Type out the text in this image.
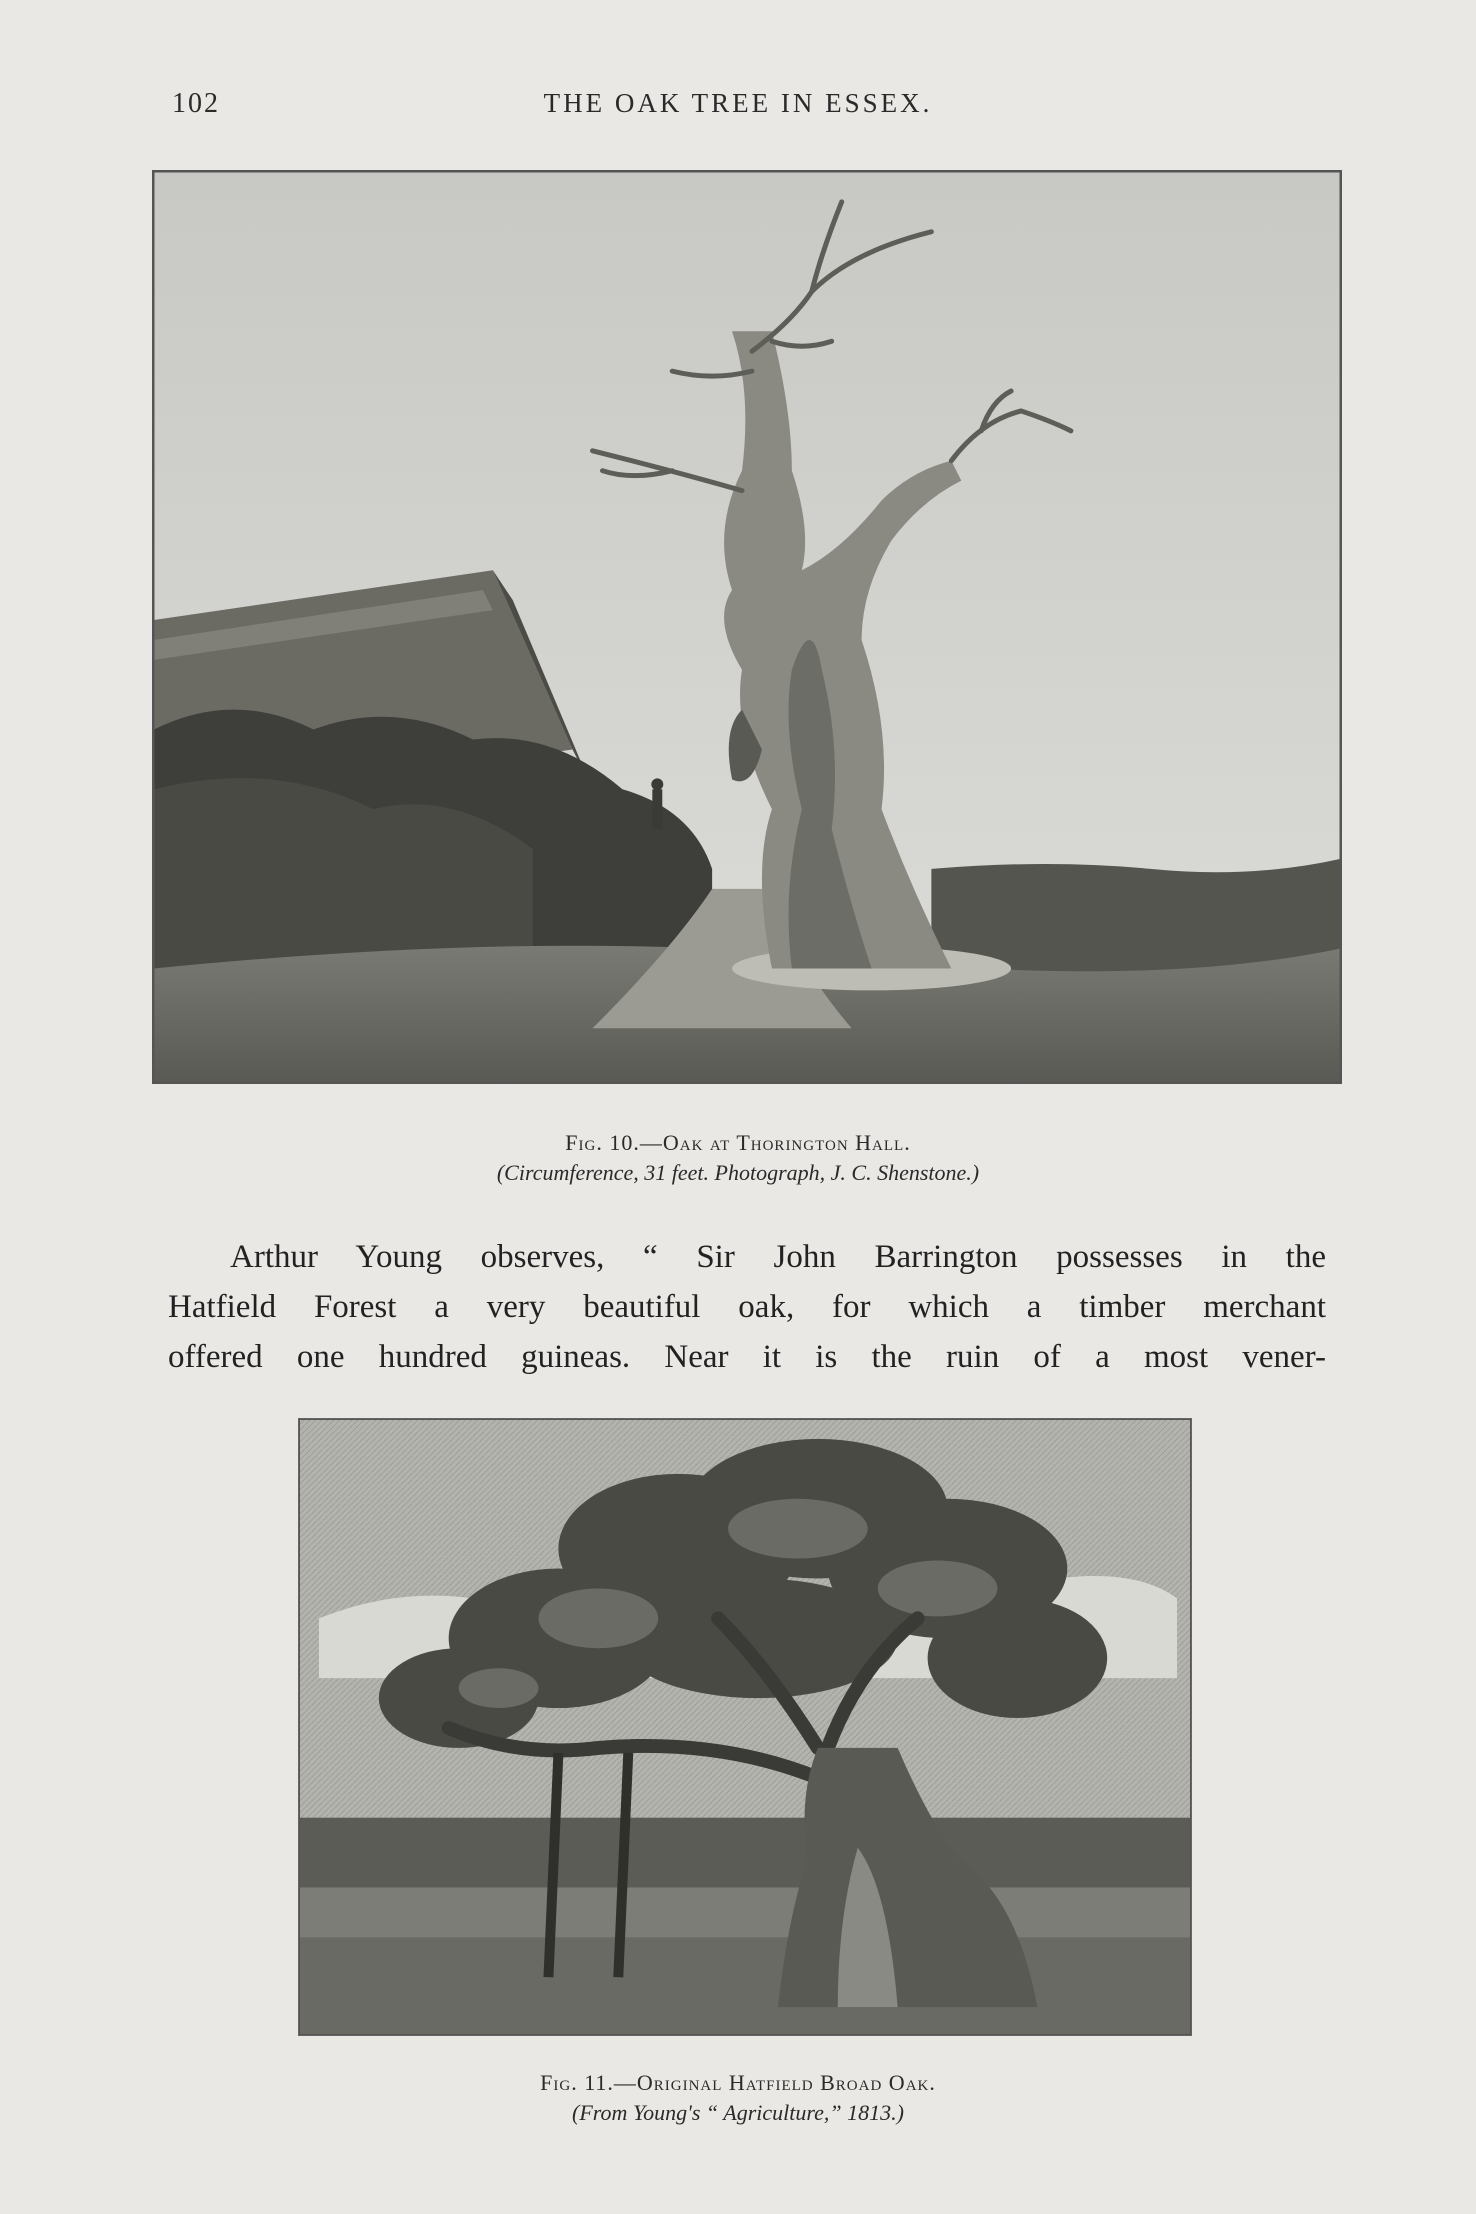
102	THE OAK TREE IN ESSEX.
Fig. 10.—Oak at Thorington Hall.
(Circumference, 31 feet. Photograph, J. C. Shenstone.)
Arthur Young observes, “ Sir John Barrington possesses in the
Hatfield Forest a very beautiful oak, for which a timber merchant
offered one hundred guineas. Near it is the ruin of a most vener-
Fig. 11.—Original Hatfield Broad Oak.
(From Young's “ Agriculture,” 1813.)
